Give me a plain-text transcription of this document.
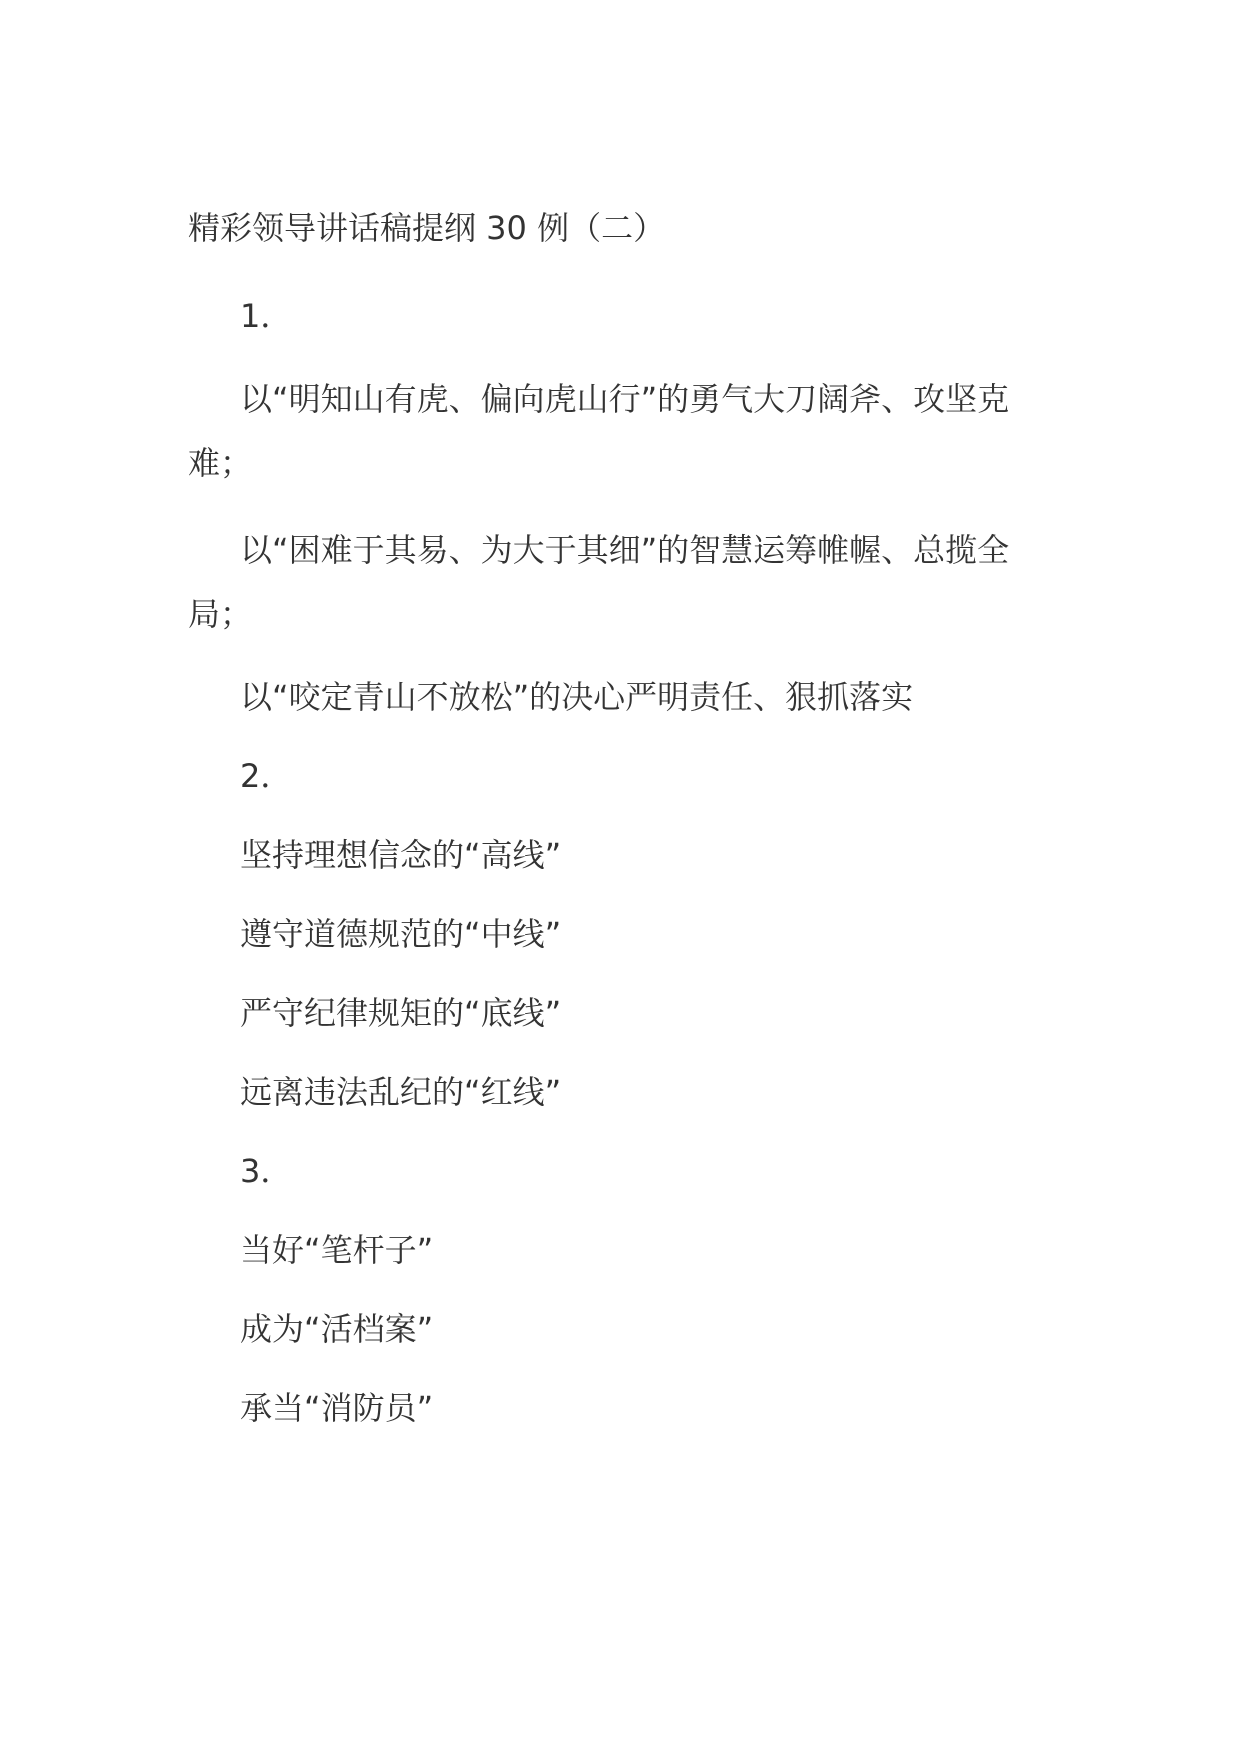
精彩领导讲话稿提纲 30 例（二）
1．
以“明知山有虎、偏向虎山行”的勇气大刀阔斧、攻坚克难；
以“困难于其易、为大于其细”的智慧运筹帷幄、总揽全局；
以“咬定青山不放松”的决心严明责任、狠抓落实
2．
坚持理想信念的“高线”
遵守道德规范的“中线”
严守纪律规矩的“底线”
远离违法乱纪的“红线”
3．
当好“笔杆子”
成为“活档案”
承当“消防员”
